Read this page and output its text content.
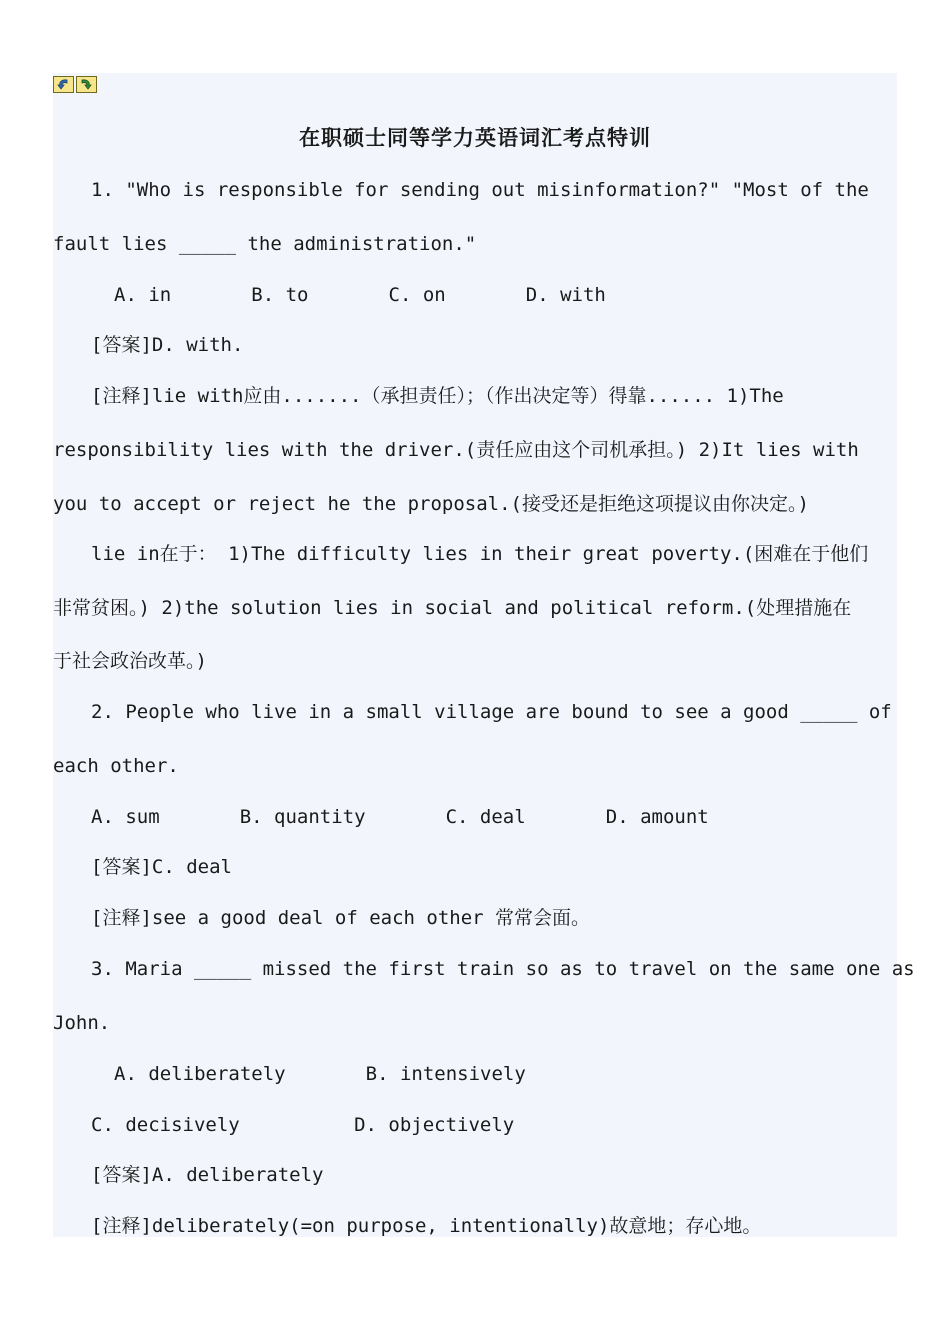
在职硕士同等学力英语词汇考点特训
1. "Who is responsible for sending out misinformation?" "Most of the
fault lies _____ the administration."
A. in       B. to       C. on       D. with
[答案]D. with.
[注释]lie with应由.......（承担责任）；（作出决定等）得靠...... 1)The
responsibility lies with the driver.(责任应由这个司机承担。) 2)It lies with
you to accept or reject he the proposal.(接受还是拒绝这项提议由你决定。)
lie in在于： 1)The difficulty lies in their great poverty.(困难在于他们
非常贫困。) 2)the solution lies in social and political reform.(处理措施在
于社会政治改革。)
2. People who live in a small village are bound to see a good _____ of
each other.
A. sum       B. quantity       C. deal       D. amount
[答案]C. deal
[注释]see a good deal of each other 常常会面。
3. Maria _____ missed the first train so as to travel on the same one as
John.
A. deliberately       B. intensively
C. decisively          D. objectively
[答案]A. deliberately
[注释]deliberately(=on purpose, intentionally)故意地；存心地。
